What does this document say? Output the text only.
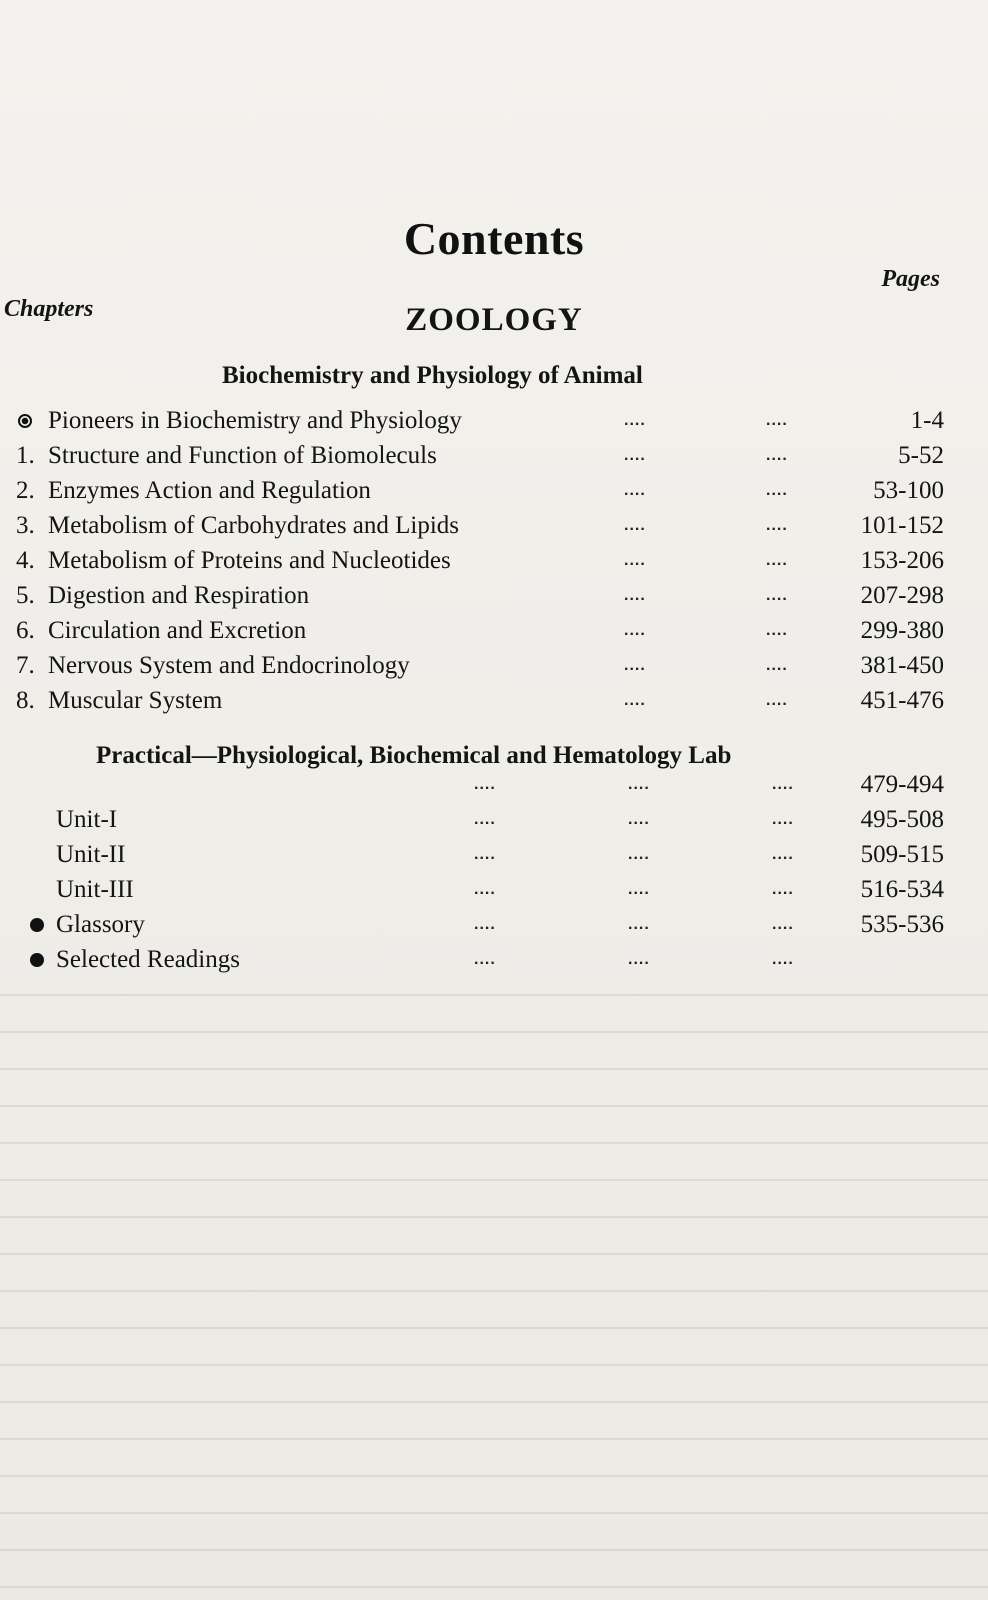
Contents
Chapters
Pages
ZOOLOGY
Biochemistry and Physiology of Animal
Pioneers in Biochemistry and Physiology	....	....	1-4
1. Structure and Function of Biomoleculs	....	....	5-52
2. Enzymes Action and Regulation	....	....	53-100
3. Metabolism of Carbohydrates and Lipids	....	....	101-152
4. Metabolism of Proteins and Nucleotides	....	....	153-206
5. Digestion and Respiration	....	....	207-298
6. Circulation and Excretion	....	....	299-380
7. Nervous System and Endocrinology	....	....	381-450
8. Muscular System	....	....	451-476
Practical—Physiological, Biochemical and Hematology Lab
....	....	....	479-494
Unit-I	....	....	....	495-508
Unit-II	....	....	....	509-515
Unit-III	....	....	....	516-534
Glassory	....	....	....	535-536
Selected Readings	....	....	....
